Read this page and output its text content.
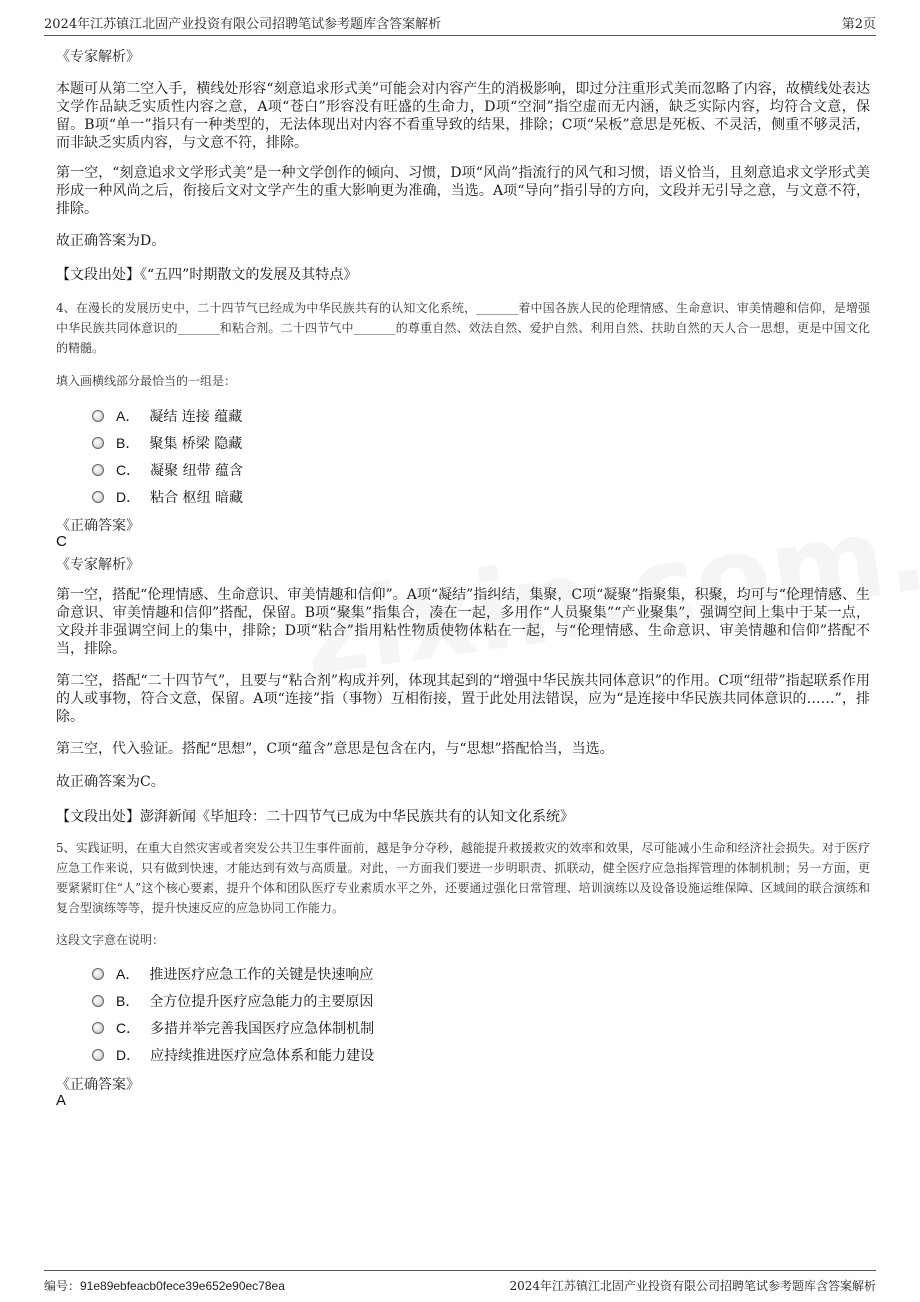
2024年江苏镇江北固产业投资有限公司招聘笔试参考题库含答案解析	第2页
《专家解析》

本题可从第二空入手，横线处形容“刻意追求形式美”可能会对内容产生的消极影响，即过分注重形式美而忽略了内容，故横线处表达文学作品缺乏实质性内容之意，A项“苍白”形容没有旺盛的生命力，D项“空洞”指空虚而无内涵，缺乏实际内容，均符合文意，保留。B项“单一”指只有一种类型的，无法体现出对内容不看重导致的结果，排除；C项“呆板”意思是死板、不灵活，侧重不够灵活，而非缺乏实质内容，与文意不符，排除。

第一空，“刻意追求文学形式美”是一种文学创作的倾向、习惯，D项“风尚”指流行的风气和习惯，语义恰当，且刻意追求文学形式美形成一种风尚之后，衔接后文对文学产生的重大影响更为准确，当选。A项“导向”指引导的方向，文段并无引导之意，与文意不符，排除。

故正确答案为D。
【文段出处】《“五四”时期散文的发展及其特点》

4、在漫长的发展历史中，二十四节气已经成为中华民族共有的认知文化系统，_______着中国各族人民的伦理情感、生命意识、审美情趣和信仰，是增强中华民族共同体意识的_______和粘合剂。二十四节气中_______的尊重自然、效法自然、爱护自然、利用自然、扶助自然的天人合一思想，更是中国文化的精髓。

填入画横线部分最恰当的一组是：
A． 凝结 连接 蕴藏
B． 聚集 桥梁 隐藏
C． 凝聚 纽带 蕴含
D． 粘合 枢纽 暗藏
《正确答案》
C
《专家解析》

第一空，搭配“伦理情感、生命意识、审美情趣和信仰”。A项“凝结”指纠结，集聚，C项“凝聚”指聚集，积聚，均可与“伦理情感、生命意识、审美情趣和信仰”搭配，保留。B项“聚集”指集合，凑在一起，多用作“人员聚集”“产业聚集”，强调空间上集中于某一点，文段并非强调空间上的集中，排除；D项“粘合”指用粘性物质使物体粘在一起，与“伦理情感、生命意识、审美情趣和信仰”搭配不当，排除。

第二空，搭配“二十四节气”，且要与“粘合剂”构成并列，体现其起到的“增强中华民族共同体意识”的作用。C项“纽带”指起联系作用的人或事物，符合文意，保留。A项“连接”指（事物）互相衔接，置于此处用法错误，应为“是连接中华民族共同体意识的……”，排除。

第三空，代入验证。搭配“思想”，C项“蕴含”意思是包含在内，与“思想”搭配恰当，当选。

故正确答案为C。
【文段出处】澎湃新闻《毕旭玲：二十四节气已成为中华民族共有的认知文化系统》

5、实践证明，在重大自然灾害或者突发公共卫生事件面前，越是争分夺秒，越能提升救援救灾的效率和效果，尽可能减小生命和经济社会损失。对于医疗应急工作来说，只有做到快速，才能达到有效与高质量。对此，一方面我们要进一步明职责、抓联动，健全医疗应急指挥管理的体制机制；另一方面，更要紧紧盯住“人”这个核心要素，提升个体和团队医疗专业素质水平之外，还要通过强化日常管理、培训演练以及设备设施运维保障、区域间的联合演练和复合型演练等等，提升快速反应的应急协同工作能力。

这段文字意在说明：
A． 推进医疗应急工作的关键是快速响应
B． 全方位提升医疗应急能力的主要原因
C． 多措并举完善我国医疗应急体制机制
D． 应持续推进医疗应急体系和能力建设
《正确答案》
A
编号：91e89ebfeacb0fece39e652e90ec78ea	2024年江苏镇江北固产业投资有限公司招聘笔试参考题库含答案解析
